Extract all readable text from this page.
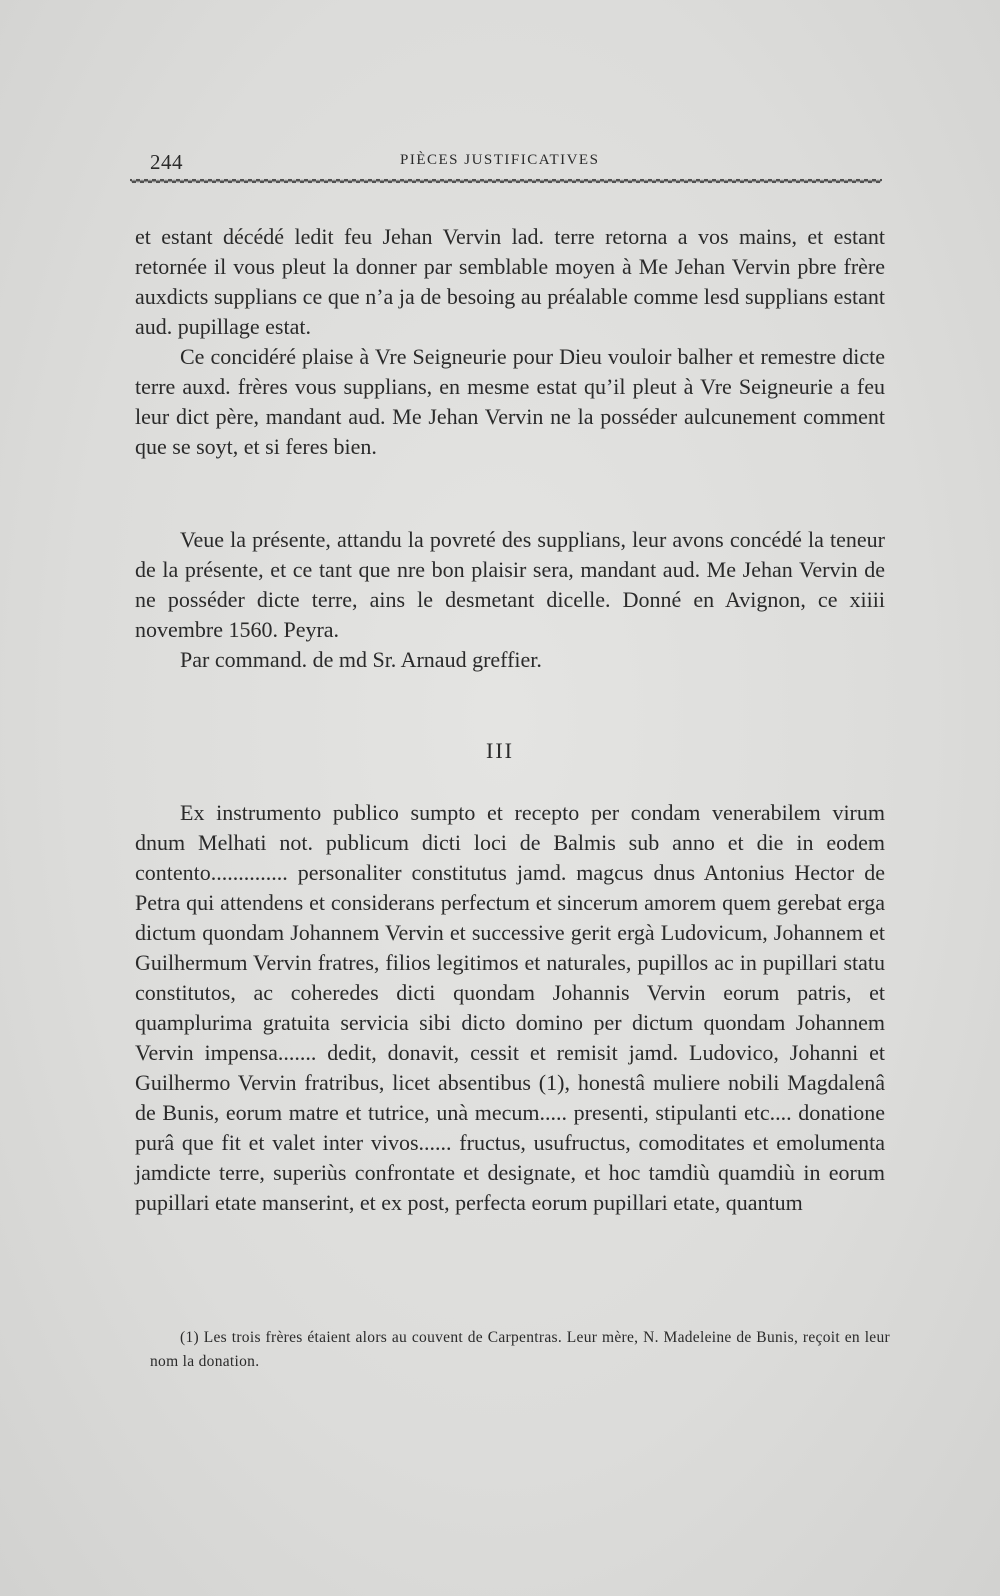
244	PIÈCES JUSTIFICATIVES

et estant décédé ledit feu Jehan Vervin lad. terre retorna a vos mains, et estant retornée il vous pleut la donner par semblable moyen à Me Jehan Vervin pbre frère auxdicts supplians ce que n’a ja de besoing au préalable comme lesd supplians estant aud. pupillage estat.

Ce concidéré plaise à Vre Seigneurie pour Dieu vouloir balher et remestre dicte terre auxd. frères vous supplians, en mesme estat qu’il pleut à Vre Seigneurie a feu leur dict père, mandant aud. Me Jehan Vervin ne la posséder aulcunement comment que se soyt, et si feres bien.

Veue la présente, attandu la povreté des supplians, leur avons concédé la teneur de la présente, et ce tant que nre bon plaisir sera, mandant aud. Me Jehan Vervin de ne posséder dicte terre, ains le desmetant dicelle. Donné en Avignon, ce xiiii novembre 1560. Peyra.

Par command. de md Sr. Arnaud greffier.

III

Ex instrumento publico sumpto et recepto per condam venerabilem virum dnum Melhati not. publicum dicti loci de Balmis sub anno et die in eodem contento.............. personaliter constitutus jamd. magcus dnus Antonius Hector de Petra qui attendens et considerans perfectum et sincerum amorem quem gerebat erga dictum quondam Johannem Vervin et successive gerit ergà Ludovicum, Johannem et Guilhermum Vervin fratres, filios legitimos et naturales, pupillos ac in pupillari statu constitutos, ac coheredes dicti quondam Johannis Vervin eorum patris, et quamplurima gratuita servicia sibi dicto domino per dictum quondam Johannem Vervin impensa....... dedit, donavit, cessit et remisit jamd. Ludovico, Johanni et Guilhermo Vervin fratribus, licet absentibus (1), honestâ muliere nobili Magdalenâ de Bunis, eorum matre et tutrice, unà mecum..... presenti, stipulanti etc.... donatione purâ que fit et valet inter vivos...... fructus, usufructus, comoditates et emolumenta jamdicte terre, superiùs confrontate et designate, et hoc tamdiù quamdiù in eorum pupillari etate manserint, et ex post, perfecta eorum pupillari etate, quantum

(1) Les trois frères étaient alors au couvent de Carpentras. Leur mère, N. Madeleine de Bunis, reçoit en leur nom la donation.
